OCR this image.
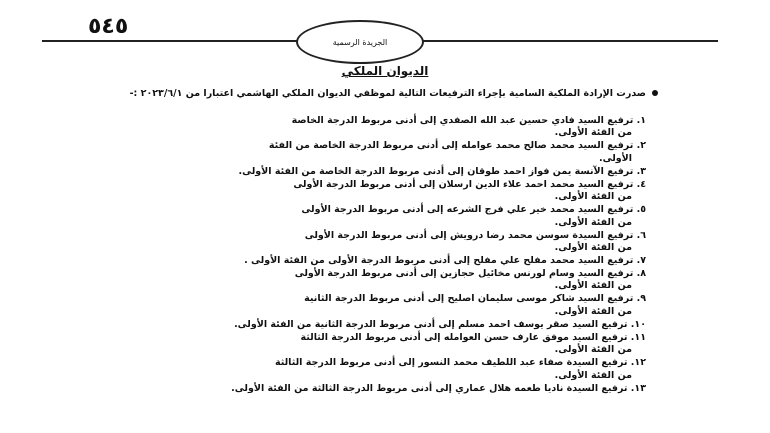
٥٤٥
الجريدة الرسمية
الديوان الملكي
صدرت الإرادة الملكية السامية بإجراء الترفيعات التالية لموظفي الديوان الملكي الهاشمي اعتبارا من ٢٠٢٣/٦/١ :-
١. ترفيع السيد فادي حسين عبد الله الصفدي إلى أدنى مربوط الدرجة الخاصة
من الفئة الأولى.
٢. ترفيع السيد محمد صالح محمد عوامله إلى أدنى مربوط الدرجة الخاصة من الفئة
الأولى.
٣. ترفيع الآنسة يمن فواز احمد طوقان إلى أدنى مربوط الدرجة الخاصة من الفئة الأولى.
٤. ترفيع السيد محمد احمد علاء الدين ارسلان إلى أدنى مربوط الدرجة الأولى
من الفئة الأولى.
٥. ترفيع السيد محمد خير علي فرج الشرعه إلى أدنى مربوط الدرجة الأولى
من الفئة الأولى.
٦. ترفيع السيدة سوسن محمد رضا درويش إلى أدنى مربوط الدرجة الأولى
من الفئة الأولى.
٧. ترفيع السيد محمد مفلح علي مفلح إلى أدنى مربوط الدرجة الأولى من الفئة الأولى .
٨. ترفيع السيد وسام لورنس مخائيل حجازين إلى أدنى مربوط الدرجة الأولى
من الفئة الأولى.
٩. ترفيع السيد شاكر موسى سليمان اصليح إلى أدنى مربوط الدرجة الثانية
من الفئة الأولى.
١٠. ترفيع السيد صقر يوسف احمد مسلم إلى أدنى مربوط الدرجة الثانية من الفئة الأولى.
١١. ترفيع السيد موفق عارف حسن العوامله إلى أدنى مربوط الدرجة الثالثة
من الفئة الأولى.
١٢. ترفيع السيدة صفاء عبد اللطيف محمد النسور إلى أدنى مربوط الدرجة الثالثة
من الفئة الأولى.
١٣. ترفيع السيدة ناديا طعمه هلال عماري إلى أدنى مربوط الدرجة الثالثة من الفئة الأولى.
